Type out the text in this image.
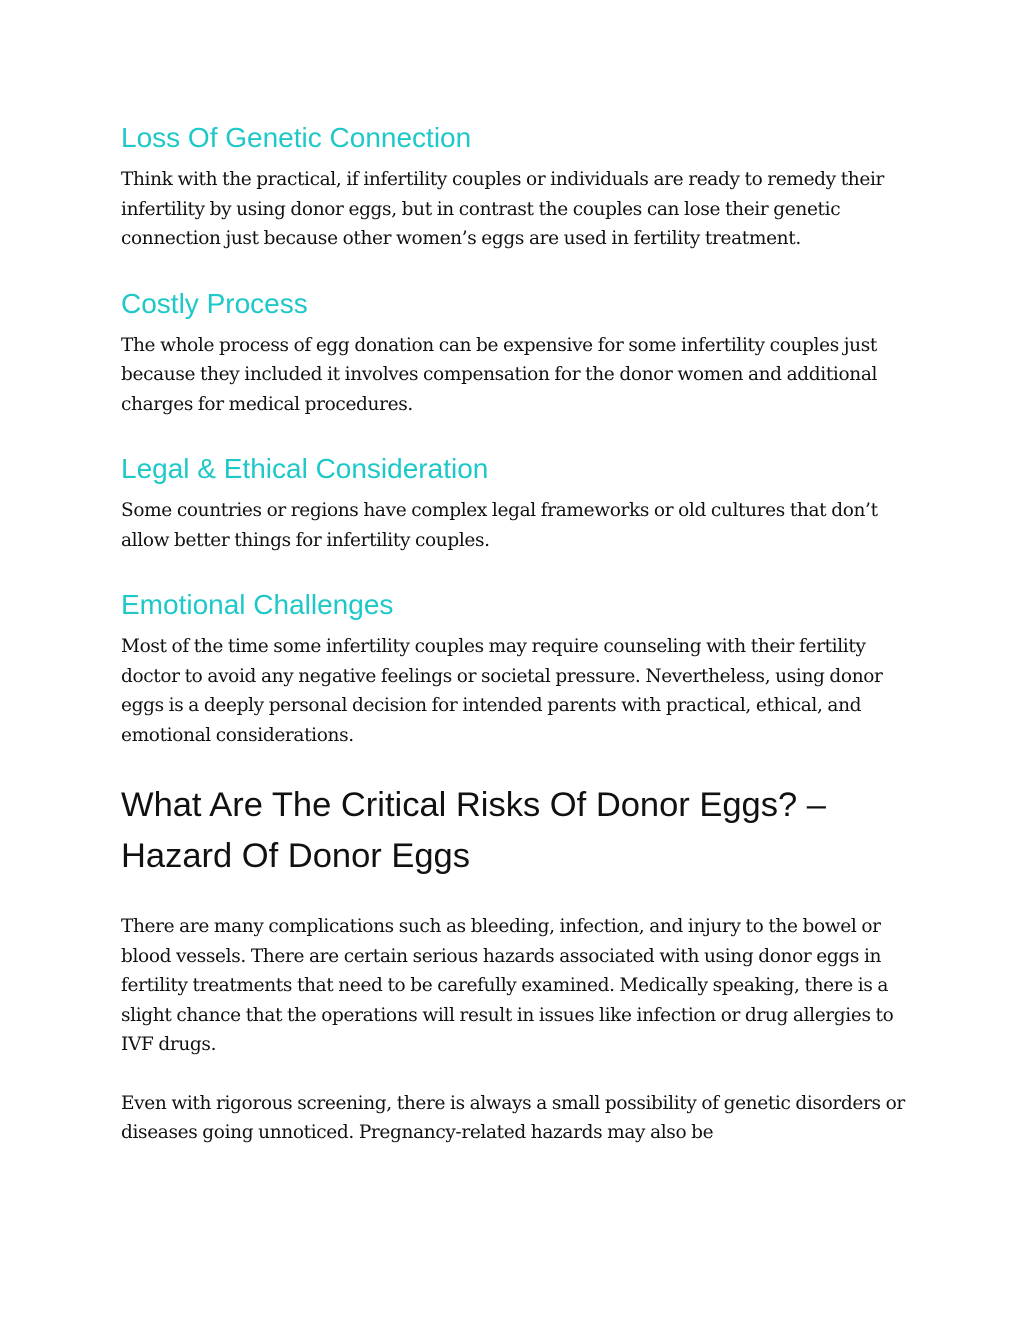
Loss Of Genetic Connection

Think with the practical, if infertility couples or individuals are ready to remedy their infertility by using donor eggs, but in contrast the couples can lose their genetic connection just because other women’s eggs are used in fertility treatment.

Costly Process

The whole process of egg donation can be expensive for some infertility couples just because they included it involves compensation for the donor women and additional charges for medical procedures.

Legal & Ethical Consideration

Some countries or regions have complex legal frameworks or old cultures that don’t allow better things for infertility couples.

Emotional Challenges

Most of the time some infertility couples may require counseling with their fertility doctor to avoid any negative feelings or societal pressure. Nevertheless, using donor eggs is a deeply personal decision for intended parents with practical, ethical, and emotional considerations.

What Are The Critical Risks Of Donor Eggs? – Hazard Of Donor Eggs

There are many complications such as bleeding, infection, and injury to the bowel or blood vessels. There are certain serious hazards associated with using donor eggs in fertility treatments that need to be carefully examined. Medically speaking, there is a slight chance that the operations will result in issues like infection or drug allergies to IVF drugs.

Even with rigorous screening, there is always a small possibility of genetic disorders or diseases going unnoticed. Pregnancy-related hazards may also be
